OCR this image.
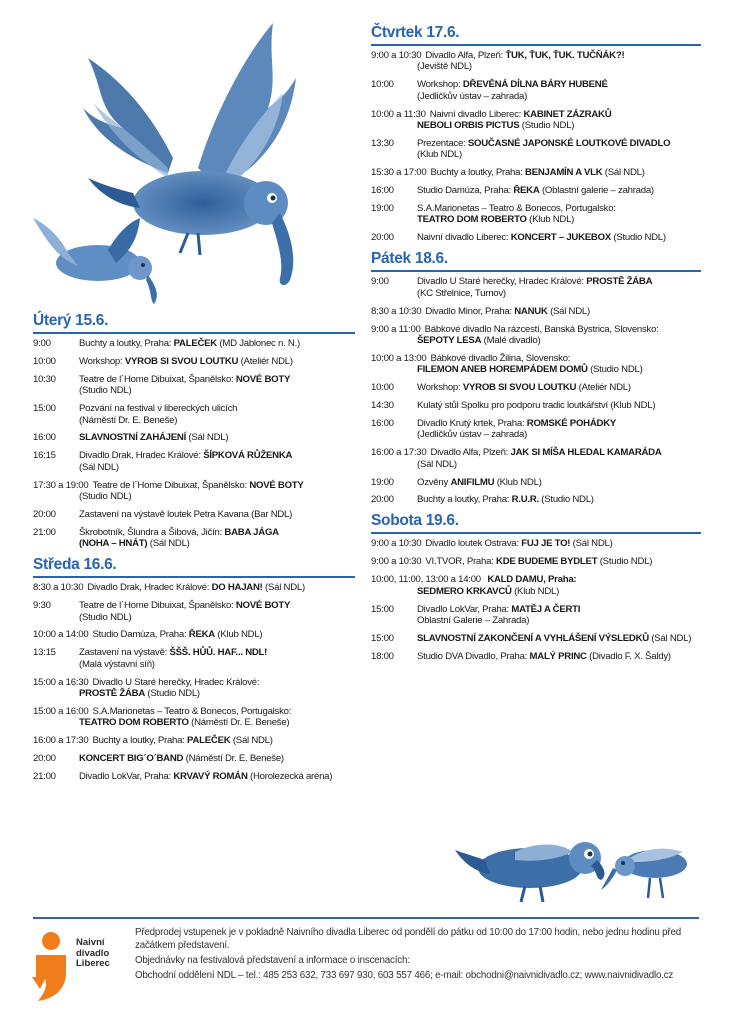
Úterý 15.6.
9:00	Buchty a loutky, Praha: PALEČEK (MD Jablonec n. N.)
10:00 Workshop: VYROB SI SVOU LOUTKU (Ateliér NDL)
10:30 Teatre de l´Home Dibuixat, Španělsko: NOVÉ BOTY
(Studio NDL)
15:00 Pozvání na festival v libereckých ulicích
(Náměstí Dr. E. Beneše)
16:00 SLAVNOSTNÍ ZAHÁJENÍ (Sál NDL)
16:15 Divadlo Drak, Hradec Králové: ŠÍPKOVÁ RŮŽENKA
(Sál NDL)
17:30 a 19:00 Teatre de l´Home Dibuixat, Španělsko: NOVÉ BOTY
(Studio NDL)
20:00 Zastavení na výstavě loutek Petra Kavana (Bar NDL)
21:00 Škrobotník, Šlundra a Šibová, Jičín: BABA JÁGA
(NOHA – HNÁT) (Sál NDL)
Středa 16.6.
8:30 a 10:30 Divadlo Drak, Hradec Králové: DO HAJAN! (Sál NDL)
9:30	Teatre de l´Home Dibuixat, Španělsko: NOVÉ BOTY
(Studio NDL)
10:00 a 14:00 Studio Damúza, Praha: ŘEKA (Klub NDL)
13:15 Zastavení na výstavě: ŠŠŠ. HŮŮ. HAF... NDL!
(Malá výstavní síň)
15:00 a 16:30 Divadlo U Staré herečky, Hradec Králové:
PROSTĚ ŽÁBA (Studio NDL)
15:00 a 16:00 S.A.Marionetas – Teatro & Bonecos, Portugalsko:
TEATRO DOM ROBERTO (Náměstí Dr. E. Beneše)
16:00 a 17:30 Buchty a loutky, Praha: PALEČEK (Sál NDL)
20:00 KONCERT BIG´O´BAND (Náměstí Dr. E. Beneše)
21:00 Divadlo LokVar, Praha: KRVAVÝ ROMÁN (Horolezecká aréna)
Čtvrtek 17.6.
9:00 a 10:30 Divadlo Alfa, Plzeň: ŤUK, ŤUK, ŤUK. TUČŇÁK?!
(Jeviště NDL)
10:00 Workshop: DŘEVĚNÁ DÍLNA BÁRY HUBENÉ
(Jedličkův ústav – zahrada)
10:00 a 11:30 Naivní divadlo Liberec: KABINET ZÁZRAKŮ
NEBOLI ORBIS PICTUS (Studio NDL)
13:30 Prezentace: SOUČASNÉ JAPONSKÉ LOUTKOVÉ DIVADLO
(Klub NDL)
15:30 a 17:00 Buchty a loutky, Praha: BENJAMÍN A VLK (Sál NDL)
16:00 Studio Damúza, Praha: ŘEKA (Oblastní galerie – zahrada)
19:00 S.A.Marionetas – Teatro & Bonecos, Portugalsko:
TEATRO DOM ROBERTO (Klub NDL)
20:00 Naivní divadlo Liberec: KONCERT – JUKEBOX (Studio NDL)
Pátek 18.6.
9:00	Divadlo U Staré herečky, Hradec Králové: PROSTĚ ŽÁBA
(KC Střelnice, Turnov)
8:30 a 10:30 Divadlo Minor, Praha: NANUK (Sál NDL)
9:00 a 11:00 Bábkové divadlo Na rázcestí, Banská Bystrica, Slovensko:
ŠEPOTY LESA (Malé divadlo)
10:00 a 13:00 Bábkové divadlo Žilina, Slovensko:
FILEMON ANEB HOREMPÁDEM DOMŮ (Studio NDL)
10:00 Workshop: VYROB SI SVOU LOUTKU (Ateliér NDL)
14:30 Kulatý stůl Spolku pro podporu tradic loutkářství (Klub NDL)
16:00 Divadlo Krutý krtek, Praha: ROMSKÉ POHÁDKY
(Jedličkův ústav – zahrada)
16:00 a 17:30 Divadlo Alfa, Plzeň: JAK SI MÍŠA HLEDAL KAMARÁDA
(Sál NDL)
19:00 Ozvěny ANIFILMU (Klub NDL)
20:00 Buchty a loutky, Praha: R.U.R. (Studio NDL)
Sobota 19.6.
9:00 a 10:30 Divadlo loutek Ostrava: FUJ JE TO! (Sál NDL)
9:00 a 10:30 VI.TVOR, Praha: KDE BUDEME BYDLET (Studio NDL)
10:00, 11:00, 13:00 a 14:00 KALD DAMU, Praha:
SEDMERO KRKAVCŮ (Klub NDL)
15:00 Divadlo LokVar, Praha: MATĚJ A ČERTI
Oblastní Galerie – Zahrada)
15:00 SLAVNOSTNÍ ZAKONČENÍ A VYHLÁŠENÍ VÝSLEDKŮ (Sál NDL)
18:00 Studio DVA Divadlo, Praha: MALÝ PRINC (Divadlo F. X. Šaldy)
Naivní
divadlo
Liberec

Předprodej vstupenek je v pokladně Naivního divadla Liberec od pondělí do pátku od 10:00 do 17:00 hodin, nebo jednu hodinu před začátkem představení.

Objednávky na festivalová představení a informace o inscenacích:

Obchodní oddělení NDL – tel.: 485 253 632, 733 697 930, 603 557 466; e-mail: obchodni@naivnidivadlo.cz; www.naivnidivadlo.cz
